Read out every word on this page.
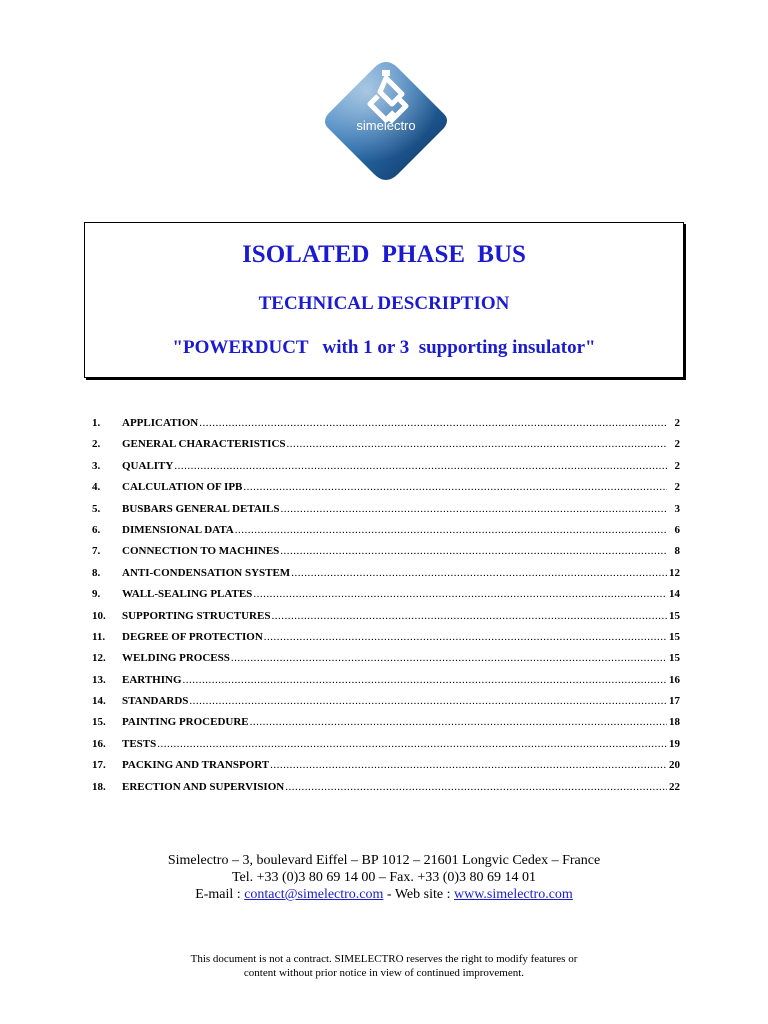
simelectro
ISOLATED PHASE BUS
TECHNICAL DESCRIPTION
"POWERDUCT   with 1 or 3  supporting insulator"
1.	APPLICATION .....	2
2.	GENERAL CHARACTERISTICS .....	2
3.	QUALITY .....	2
4.	CALCULATION OF IPB .....	2
5.	BUSBARS GENERAL DETAILS .....	3
6.	DIMENSIONAL DATA .....	6
7.	CONNECTION TO MACHINES .....	8
8.	ANTI-CONDENSATION SYSTEM .....	12
9.	WALL-SEALING PLATES .....	14
10.	SUPPORTING STRUCTURES .....	15
11.	DEGREE OF PROTECTION .....	15
12.	WELDING PROCESS .....	15
13.	EARTHING .....	16
14.	STANDARDS .....	17
15.	PAINTING PROCEDURE .....	18
16.	TESTS .....	19
17.	PACKING AND TRANSPORT .....	20
18.	ERECTION AND SUPERVISION .....	22
Simelectro – 3, boulevard Eiffel – BP 1012 – 21601 Longvic Cedex – France
Tel. +33 (0)3 80 69 14 00 – Fax. +33 (0)3 80 69 14 01
E-mail : contact@simelectro.com - Web site : www.simelectro.com
This document is not a contract. SIMELECTRO reserves the right to modify features or
content without prior notice in view of continued improvement.
